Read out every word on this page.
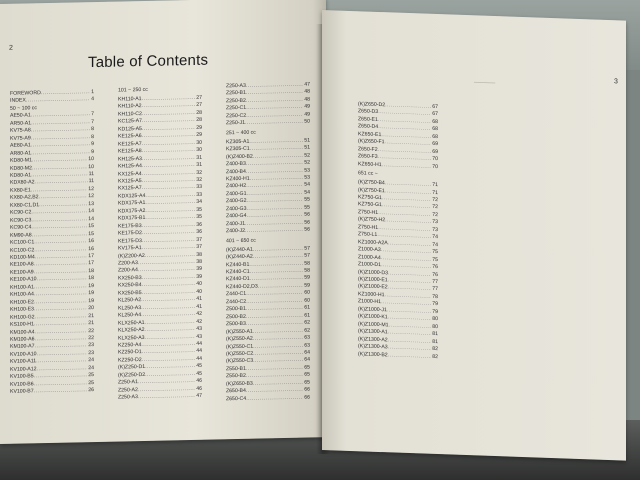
2
Table of Contents
FOREWORD .....	1
INDEX .....	4
50 ~ 100 cc
AE50-A1 .....	7
AR50-A1 .....	7
KV75-A8 .....	8
KV75-A9 .....	8
AE80-A1 .....	9
AR80-A1 .....	9
KD80-M1 .....	10
KD80-M2 .....	10
KD80-A1 .....	11
KDX80-A2 .....	11
KX80-E1 .....	12
KX80-A2,B2 .....	12
KX80-C1,D1 .....	13
KC90-C2 .....	14
KC90-C3 .....	14
KC90-C4 .....	15
KM90-A8 .....	15
KC100-C1 .....	16
KC100-C2 .....	16
KD100-M4 .....	17
KE100-A8 .....	17
KE100-A9 .....	18
KE100-A10 .....	18
KH100-A1 .....	19
KH100-A4 .....	19
KH100-E2 .....	19
KH100-E3 .....	20
KH100-G2 .....	21
KS100-H1 .....	21
KM100-A4 .....	22
KM100-A6 .....	22
KM100-A7 .....	23
KV100-A10 .....	23
KV100-A11 .....	24
KV100-A12 .....	24
KV100-B5 .....	25
KV100-B6 .....	25
KV100-B7 .....	26
101 ~ 250 cc
KH110-A1 .....	27
KH110-A2 .....	27
KH110-C2 .....	28
KC125-A7 .....	28
KD125-A5 .....	29
KE125-A6 .....	29
KE125-A7 .....	30
KE125-A8 .....	30
KH125-A3 .....	31
KH125-A4 .....	31
KX125-A4 .....	32
KX125-A5 .....	32
KX125-A7 .....	33
KDX125-A4 .....	33
KDX175-A1 .....	34
KDX175-A2 .....	35
KDX175-B1 .....	35
KE175-B3 .....	36
KE175-D2 .....	36
KE175-D3 .....	37
KV175-A1 .....	37
(K)Z200-A2 .....	38
Z200-A3 .....	38
Z200-A4 .....	39
KX250-B3 .....	39
KX250-B4 .....	40
KX250-B5 .....	40
KL250-A2 .....	41
KL250-A3 .....	41
KL250-A4 .....	42
KLX250-A1 .....	42
KLX250-A2 .....	43
KLX250-A3 .....	43
KZ250-A4 .....	44
KZ250-D1 .....	44
KZ250-D2 .....	44
(K)Z250-D1 .....	45
(K)Z250-D2 .....	45
Z250-A1 .....	46
Z250-A2 .....	46
Z250-A3 .....	47
Z250-A3 .....	47
Z250-B1 .....	48
Z250-B2 .....	48
Z250-C1 .....	49
Z250-C2 .....	49
Z250-J1 .....	50
251 ~ 400 cc
KZ305-A1 .....	51
KZ305-C1 .....	51
(K)Z400-B2 .....	52
Z400-B3 .....	52
Z400-B4 .....	53
KZ400-H1 .....	53
Z400-H2 .....	54
Z400-G1 .....	54
Z400-G2 .....	55
Z400-G3 .....	55
Z400-G4 .....	56
Z400-J1 .....	56
Z400-J2 .....	56
401 ~ 650 cc
(K)Z440-A1 .....	57
(K)Z440-A2 .....	57
KZ440-B1 .....	58
KZ440-C1 .....	58
KZ440-D1 .....	59
KZ440-D2,D3 .....	59
Z440-C1 .....	60
Z440-C2 .....	60
Z500-B1 .....	61
Z500-B2 .....	61
Z500-B3 .....	62
(K)Z550-A1 .....	62
(K)Z550-A2 .....	63
(K)Z550-C1 .....	63
(K)Z550-C2 .....	64
(K)Z550-C3 .....	64
Z550-B1 .....	65
Z550-B2 .....	65
(K)Z650-B3 .....	65
Z650-B4 .....	66
Z650-C4 .....	66
3
───
(K)Z650-D2 .....	67
Z650-D3 .....	67
Z650-E1 .....	68
Z650-D4 .....	68
KZ650-E1 .....	68
(K)Z650-F1 .....	69
Z650-F2 .....	69
Z650-F3 .....	70
KZ650-H1 .....	70
651 cc ~
(K)Z750-B4 .....	71
(K)Z750-E1 .....	71
KZ750-G1 .....	72
KZ750-G1 .....	72
Z750-H1 .....	72
(K)Z750-H2 .....	73
Z750-H1 .....	73
Z750-L1 .....	74
KZ1000-A2A .....	74
Z1000-A3 .....	75
Z1000-A4 .....	75
Z1000-D1 .....	76
(K)Z1000-D3 .....	76
(K)Z1000-E1 .....	77
(K)Z1000-E2 .....	77
KZ1000-H1 .....	78
Z1000-H1 .....	79
(K)Z1000-J1 .....	79
(K)Z1000-K1 .....	80
(K)Z1000-M1 .....	80
(K)Z1300-A1 .....	81
(K)Z1300-A2 .....	81
(K)Z1300-A3 .....	82
(K)Z1300-B2 .....	82
